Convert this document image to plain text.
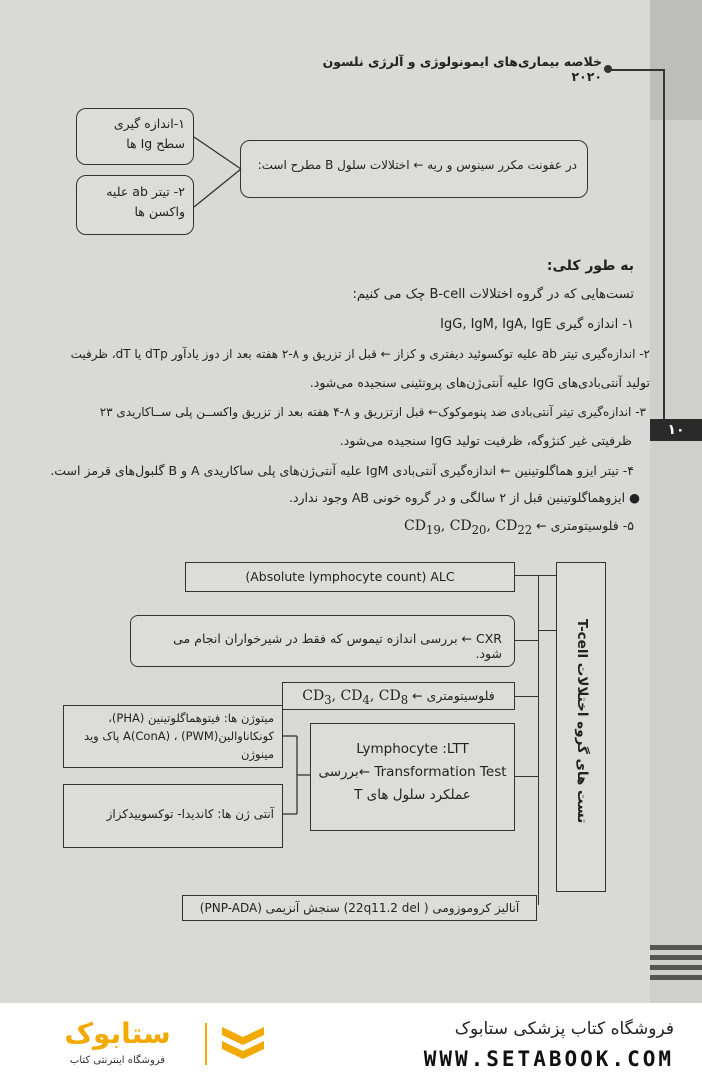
۱۰
خلاصه بیماری‌های ایمونولوژی و آلرژی نلسون ۲۰۲۰
۱-اندازه گیری سطح Ig ها
۲- تیتر ab علیه واکسن ها
در عفونت مکرر سینوس و ریه ← اختلالات سلول B مطرح است:
به طور کلی:
تست‌هایی که در گروه اختلالات B-cell چک می کنیم:
۱- اندازه گیری IgG, IgM, IgA, IgE
۲- اندازه‌گیری تیتر ab علیه توکسوئید دیفتری و کزاز ← قبل از تزریق و ۸-۲ هفته بعد از دوز یادآور dTp یا dT، ظرفیت
تولید آنتی‌بادی‌های IgG علیه آنتی‌ژن‌های پروتئینی سنجیده می‌شود.
۳- اندازه‌گیری تیتر آنتی‌بادی ضد پنوموکوک← قبل ازتزریق و ۸-۴ هفته بعد از تزریق واکســن پلی ســاکاریدی ۲۳
ظرفیتی غیر کنژوگه، ظرفیت تولید IgG سنجیده می‌شود.
۴- تیتر ایزو هماگلوتینین ← اندازه‌گیری آنتی‌بادی IgM علیه آنتی‌ژن‌های پلی ساکاریدی A و B گلبول‌های قرمز است.
● ایزوهماگلوتینین قبل از ۲ سالگی و در گروه خونی AB وجود ندارد.
۵- فلوسیتومتری ← $CD_{19}$, $CD_{20}$, $CD_{22}$
تست های گروه اختلالات T-cell
(Absolute lymphocyte count) ALC
CXR ← بررسی اندازه تیموس که فقط در شیرخواران انجام می شود.
فلوسیتومتری ← $CD_3$, $CD_4$, $CD_8$
Lymphocyte :LTT
Transformation Test ←بررسی
عملکرد سلول های T
میتوژن ها: فیتوهماگلوتینین (PHA)، کونکاناوالینA(ConA) ، (PWM) پاک وید مینوژن
آنتی ژن ها: کاندیدا- توکسوییدکزاز
آنالیز کروموزومی ( 22q11.2 del) سنجش آنزیمی (PNP-ADA)
فروشگاه کتاب پزشکی ستابوک
WWW.SETABOOK.COM
ستابوک
فروشگاه اینترنتی کتاب
